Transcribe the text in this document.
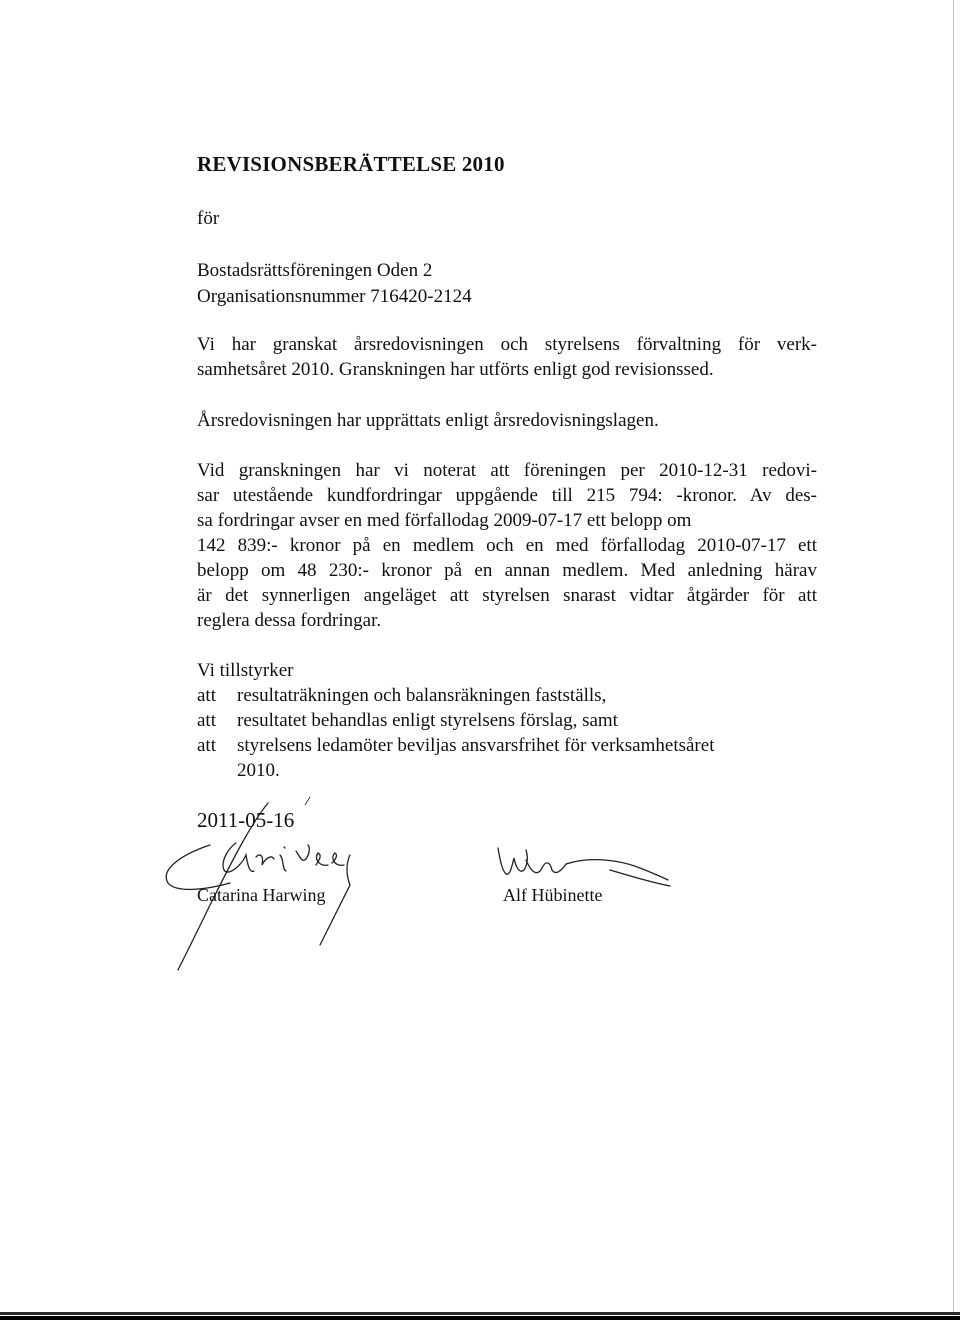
REVISIONSBERÄTTELSE 2010
för
Bostadsrättsföreningen Oden 2
Organisationsnummer 716420-2124
Vi har granskat årsredovisningen och styrelsens förvaltning för verk-
samhetsåret 2010. Granskningen har utförts enligt god revisionssed.
Årsredovisningen har upprättats enligt årsredovisningslagen.
Vid granskningen har vi noterat att föreningen per 2010-12-31 redovi-
sar utestående kundfordringar uppgående till 215 794: -kronor. Av des-
sa fordringar avser en med förfallodag 2009-07-17 ett belopp om
142 839:- kronor på en medlem och en med förfallodag 2010-07-17 ett
belopp om 48 230:- kronor på en annan medlem. Med anledning härav
är det synnerligen angeläget att styrelsen snarast vidtar åtgärder för att
reglera dessa fordringar.
Vi tillstyrker
att resultaträkningen och balansräkningen fastställs,
att resultatet behandlas enligt styrelsens förslag, samt
att styrelsens ledamöter beviljas ansvarsfrihet för verksamhetsåret
2010.
2011-05-16
Catarina Harwing	Alf Hübinette
